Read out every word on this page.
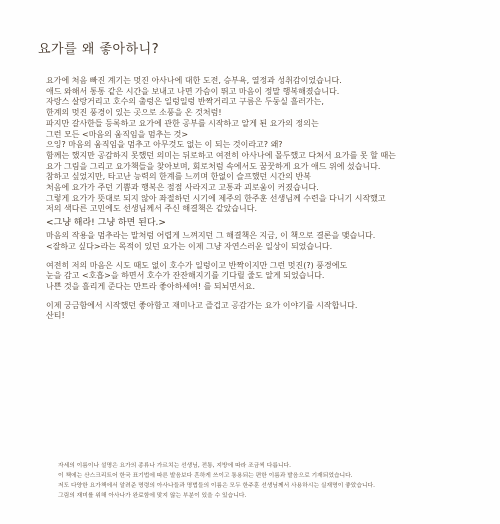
요가를 왜 좋아하니?

요가에 처음 빠진 계기는 멋진 아사나에 대한 도전, 승부욕, 열정과 성취감이었습니다.

애드 와해서 통통 같은 시간을 보내고 나면 가슴이 뛰고 마음이 정말 행복해졌습니다.

자랑스 살랑거리고 호수의 출렁은 일렁일렁 반짝거리고 구름은 두둥실 흘러가는,

한계의 멋진 풍경이 있는 곳으로 소풍을 온 것처럼!

파지만 갈사한들 등록하고 요가에 관한 공부를 시작하고 알게 된 요가의 정의는

그런 모든 <마음의 움직임을 멈추는 것>

으잉? 마음의 움직임을 멈추고 아무것도 없는 이 되는 것이라고? 왜?

함께는 했지만 공감하지 못했던 의미는 뒤로하고 여전히 아사나에 몰두했고 다쳐서 요가를 못 할 때는

요가 그림을 그리고 요가책들을 찾아보며, 회로처럼 속에서도 꿈꿋하게 요가 애드 위에 섰습니다.

참하고 싶었지만, 타고난 능력의 한계를 느끼며 한없이 슬프했던 시간의 반복

처음에 요가가 주던 기쁨과 행복은 점점 사라지고 고통과 괴로움이 커졌습니다.

그렇게 요가가 뜻대로 되지 않아 좌절하던 시기에 제주의 한주훈 선생님께 수련을 다니기 시작했고

저의 색다른 고민에도 선생님께서 주신 해결책은 같았습니다.

<그냥 해라! 그냥 하면 된다.>

마음의 작용을 멈추라는 말처럼 어렵게 느껴지던 그 해결책은 지금, 이 책으로 결론을 맺습니다.

<잘하고 싶다>라는 목적이 있던 요가는 이제 그냥 자연스러운 일상이 되었습니다.

여전히 저의 마음은 시도 때도 없이 호수가 일렁이고 반짝이지만 그런 멋진(?) 풍경에도

눈을 감고 <호흡>을 하면서 호수가 잔잔해지기를 기다릴 줄도 알게 되었습니다.

나쁜 것을 흘리게 준다는 만트라 좋아하세여! 를 되뇌면서요.

이제 궁금함에서 시작했던 좋아함고 재미나고 즐겁고 공감가는 요가 이야기를 시작합니다.

산티!

자세의 이름이나 설명은 요가의 종류나 가르치는 선생님, 전통, 지방에 따라 조금씩 다릅니다.

이 책에는 산스크리트어 한국 표기법에 따른 발음보다 흔하게 쓰이고 통용되는 편한 이름과 발음으로 기재되었습니다.

저도 다양한 요가책에서 알려준 명령의 아사나들과 명법들의 이름은 모두 한주훈 선생님께서 사용하시는 실재명이 좋았습니다.

그림의 재미를 위해 아사나가 완료함에 맞지 않는 부분이 있을 수 있습니다.
